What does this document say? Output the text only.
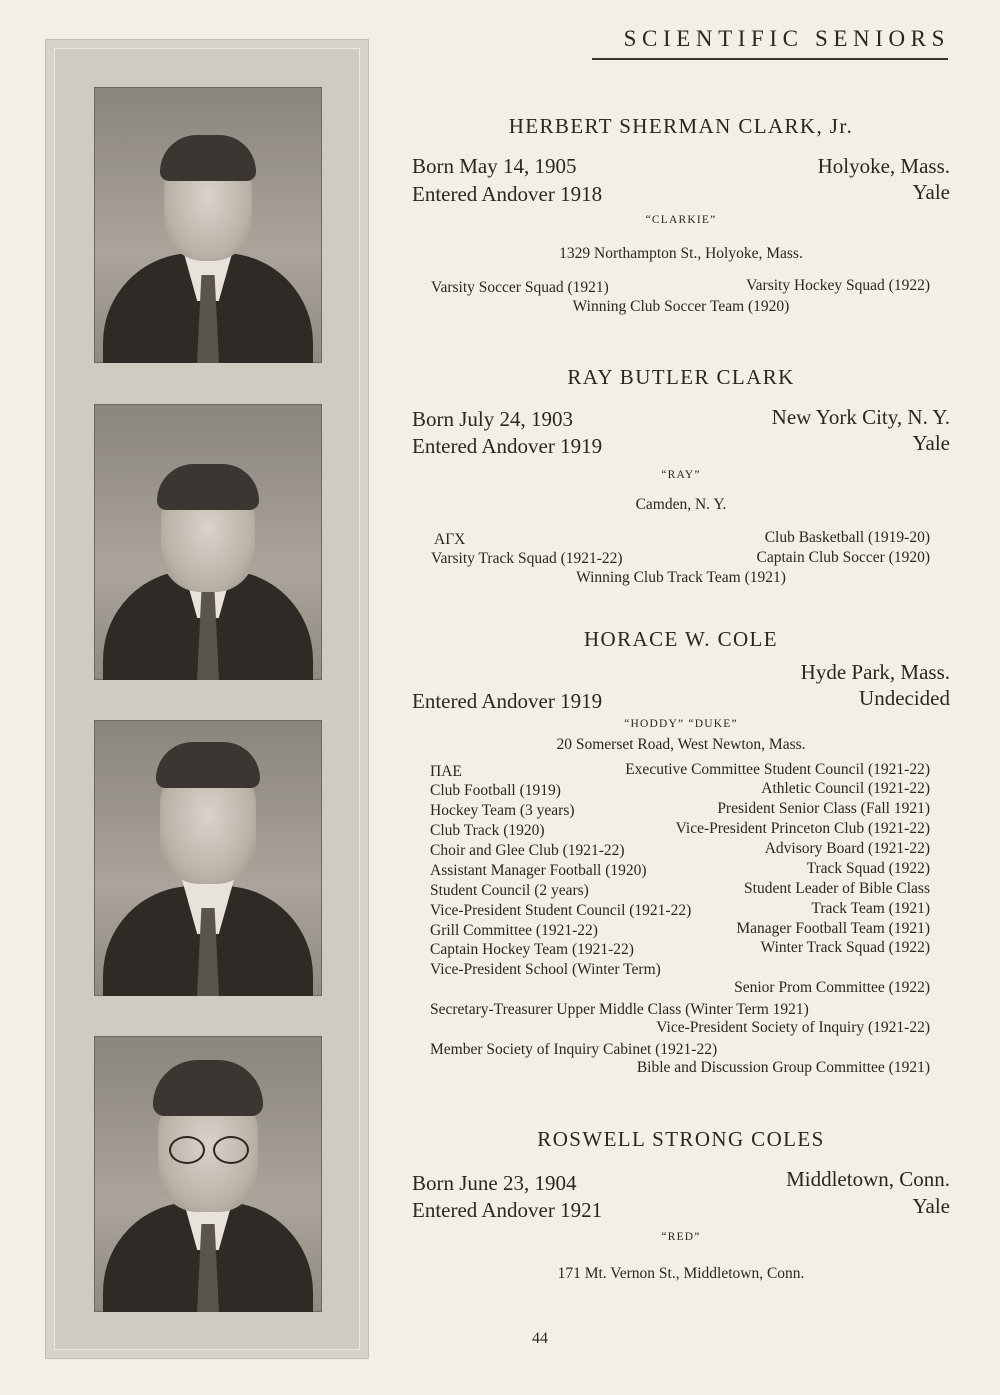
SCIENTIFIC SENIORS
HERBERT SHERMAN CLARK, Jr.
Born May 14, 1905	Holyoke, Mass.
Entered Andover 1918	Yale
“CLARKIE”
1329 Northampton St., Holyoke, Mass.
Varsity Soccer Squad (1921)	Varsity Hockey Squad (1922)
Winning Club Soccer Team (1920)
RAY BUTLER CLARK
Born July 24, 1903	New York City, N. Y.
Entered Andover 1919	Yale
“RAY”
Camden, N. Y.
ΑΓΧ	Club Basketball (1919-20)
Varsity Track Squad (1921-22)	Captain Club Soccer (1920)
Winning Club Track Team (1921)
HORACE W. COLE
Hyde Park, Mass.
Entered Andover 1919	Undecided
“HODDY” “DUKE”
20 Somerset Road, West Newton, Mass.
ΠΑΕ	Executive Committee Student Council (1921-22)
Club Football (1919)	Athletic Council (1921-22)
Hockey Team (3 years)	President Senior Class (Fall 1921)
Club Track (1920)	Vice-President Princeton Club (1921-22)
Choir and Glee Club (1921-22)	Advisory Board (1921-22)
Assistant Manager Football (1920)	Track Squad (1922)
Student Council (2 years)	Student Leader of Bible Class
Vice-President Student Council (1921-22)	Track Team (1921)
Grill Committee (1921-22)	Manager Football Team (1921)
Captain Hockey Team (1921-22)	Winter Track Squad (1922)
Vice-President School (Winter Term)
Senior Prom Committee (1922)
Secretary-Treasurer Upper Middle Class (Winter Term 1921)
Vice-President Society of Inquiry (1921-22)
Member Society of Inquiry Cabinet (1921-22)
Bible and Discussion Group Committee (1921)
ROSWELL STRONG COLES
Born June 23, 1904	Middletown, Conn.
Entered Andover 1921	Yale
“RED”
171 Mt. Vernon St., Middletown, Conn.
44
